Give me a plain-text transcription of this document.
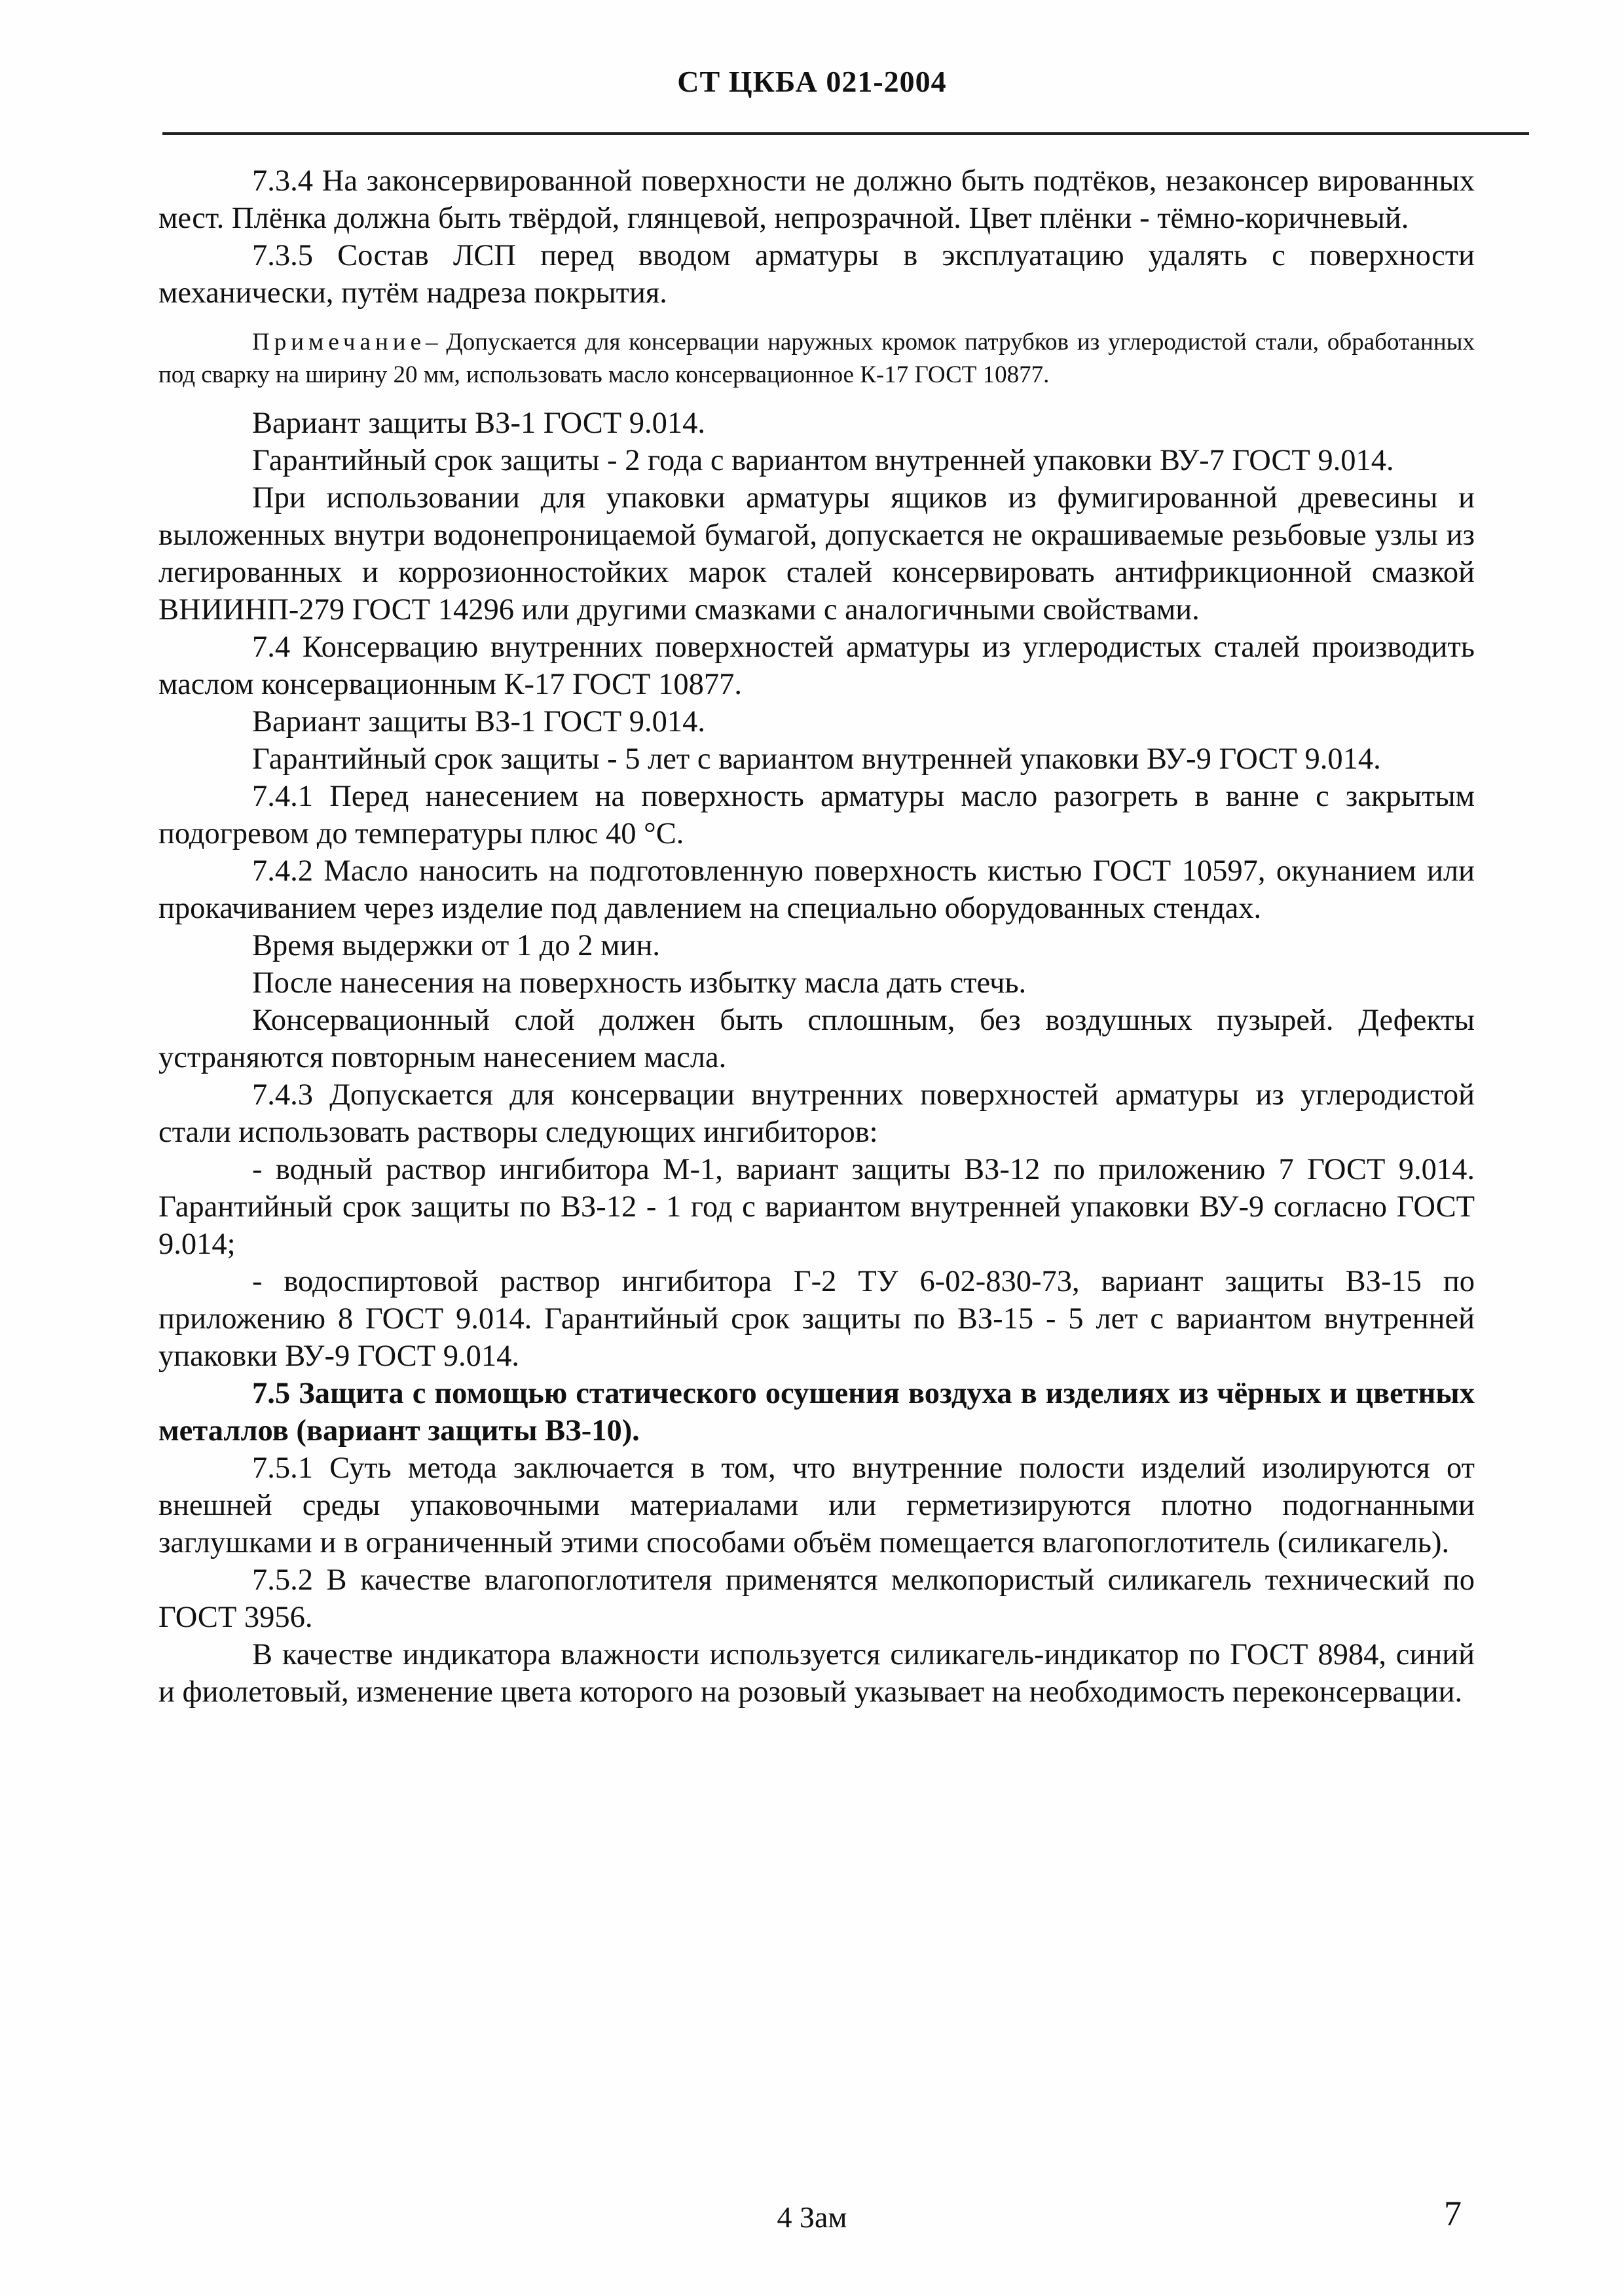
СТ ЦКБА 021-2004

7.3.4 На законсервированной поверхности не должно быть подтёков, незаконсер вированных мест. Плёнка должна быть твёрдой, глянцевой, непрозрачной. Цвет плёнки - тёмно-коричневый.

7.3.5 Состав ЛСП перед вводом арматуры в эксплуатацию удалять с поверхности механически, путём надреза покрытия.

Примечание– Допускается для консервации наружных кромок патрубков из углеродистой стали, обработанных под сварку на ширину 20 мм, использовать масло консервационное К-17 ГОСТ 10877.

Вариант защиты ВЗ-1 ГОСТ 9.014.

Гарантийный срок защиты - 2 года с вариантом внутренней упаковки ВУ-7 ГОСТ 9.014.

При использовании для упаковки арматуры ящиков из фумигированной древесины и выложенных внутри водонепроницаемой бумагой, допускается не окрашиваемые резьбовые узлы из легированных и коррозионностойких марок сталей консервировать антифрикционной смазкой ВНИИНП-279 ГОСТ 14296 или другими смазками с аналогичными свойствами.

7.4 Консервацию внутренних поверхностей арматуры из углеродистых сталей производить маслом консервационным К-17 ГОСТ 10877.

Вариант защиты ВЗ-1 ГОСТ 9.014.

Гарантийный срок защиты - 5 лет с вариантом внутренней упаковки ВУ-9 ГОСТ 9.014.

7.4.1 Перед нанесением на поверхность арматуры масло разогреть в ванне с закрытым подогревом до температуры плюс 40 °С.

7.4.2 Масло наносить на подготовленную поверхность кистью ГОСТ 10597, окунанием или прокачиванием через изделие под давлением на специально оборудованных стендах.

Время выдержки от 1 до 2 мин.

После нанесения на поверхность избытку масла дать стечь.

Консервационный слой должен быть сплошным, без воздушных пузырей. Дефекты устраняются повторным нанесением масла.

7.4.3 Допускается для консервации внутренних поверхностей арматуры из углеродистой стали использовать растворы следующих ингибиторов:

- водный раствор ингибитора М-1, вариант защиты ВЗ-12 по приложению 7 ГОСТ 9.014. Гарантийный срок защиты по ВЗ-12 - 1 год с вариантом внутренней упаковки ВУ-9 согласно ГОСТ 9.014;

- водоспиртовой раствор ингибитора Г-2 ТУ 6-02-830-73, вариант защиты ВЗ-15 по приложению 8 ГОСТ 9.014. Гарантийный срок защиты по ВЗ-15 - 5 лет с вариантом внутренней упаковки ВУ-9 ГОСТ 9.014.

7.5 Защита с помощью статического осушения воздуха в изделиях из чёрных и цветных металлов (вариант защиты ВЗ-10).

7.5.1 Суть метода заключается в том, что внутренние полости изделий изолируются от внешней среды упаковочными материалами или герметизируются плотно подогнанными заглушками и в ограниченный этими способами объём помещается влагопоглотитель (силикагель).

7.5.2 В качестве влагопоглотителя применятся мелкопористый силикагель технический по ГОСТ 3956.

В качестве индикатора влажности используется силикагель-индикатор по ГОСТ 8984, синий и фиолетовый, изменение цвета которого на розовый указывает на необходимость переконсервации.

4 Зам	7
